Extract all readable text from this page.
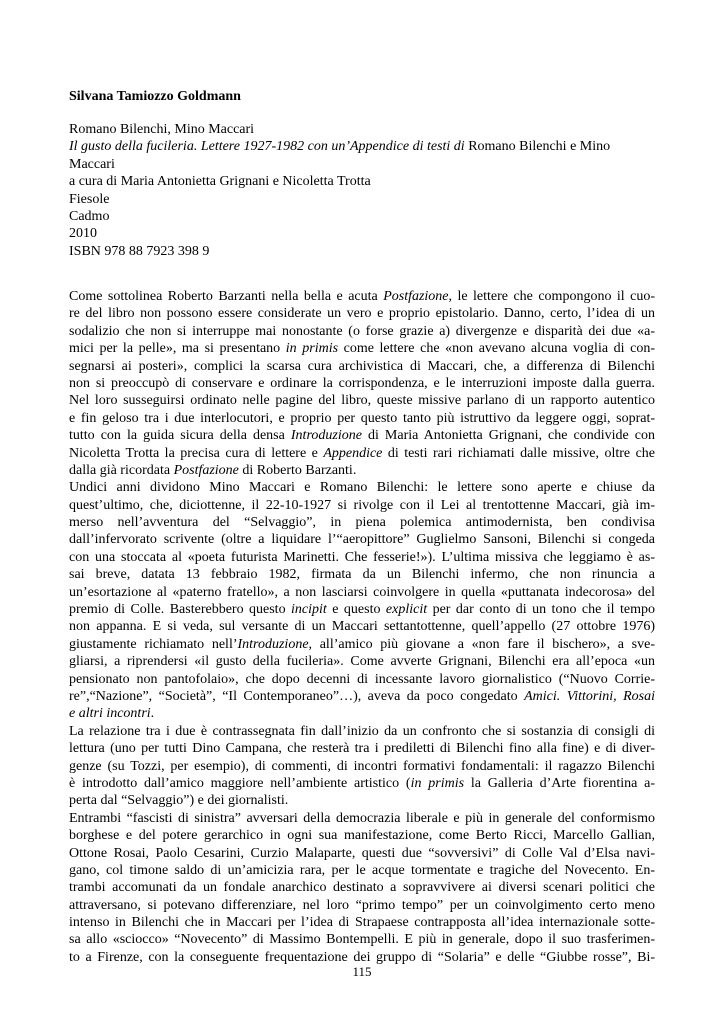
Silvana Tamiozzo Goldmann
Romano Bilenchi, Mino Maccari
Il gusto della fucileria. Lettere 1927-1982 con un’Appendice di testi di Romano Bilenchi e Mino
Maccari
a cura di Maria Antonietta Grignani e Nicoletta Trotta
Fiesole
Cadmo
2010
ISBN 978 88 7923 398 9
Come sottolinea Roberto Barzanti nella bella e acuta Postfazione, le lettere che compongono il cuo-
re del libro non possono essere considerate un vero e proprio epistolario. Danno, certo, l’idea di un
sodalizio che non si interruppe mai nonostante (o forse grazie a) divergenze e disparità dei due «a-
mici per la pelle», ma si presentano in primis come lettere che «non avevano alcuna voglia di con-
segnarsi ai posteri», complici la scarsa cura archivistica di Maccari, che, a differenza di Bilenchi
non si preoccupò di conservare e ordinare la corrispondenza, e le interruzioni imposte dalla guerra.
Nel loro susseguirsi ordinato nelle pagine del libro, queste missive parlano di un rapporto autentico
e fin geloso tra i due interlocutori, e proprio per questo tanto più istruttivo da leggere oggi, soprat-
tutto con la guida sicura della densa Introduzione di Maria Antonietta Grignani, che condivide con
Nicoletta Trotta la precisa cura di lettere e Appendice di testi rari richiamati dalle missive, oltre che
dalla già ricordata Postfazione di Roberto Barzanti.
Undici anni dividono Mino Maccari e Romano Bilenchi: le lettere sono aperte e chiuse da
quest’ultimo, che, diciottenne, il 22-10-1927 si rivolge con il Lei al trentottenne Maccari, già im-
merso nell’avventura del “Selvaggio”, in piena polemica antimodernista, ben condivisa
dall’infervorato scrivente (oltre a liquidare l’“aeropittore” Guglielmo Sansoni, Bilenchi si congeda
con una stoccata al «poeta futurista Marinetti. Che fesserie!»). L’ultima missiva che leggiamo è as-
sai breve, datata 13 febbraio 1982, firmata da un Bilenchi infermo, che non rinuncia a
un’esortazione al «paterno fratello», a non lasciarsi coinvolgere in quella «puttanata indecorosa» del
premio di Colle. Basterebbero questo incipit e questo explicit per dar conto di un tono che il tempo
non appanna. E si veda, sul versante di un Maccari settantottenne, quell’appello (27 ottobre 1976)
giustamente richiamato nell’Introduzione, all’amico più giovane a «non fare il bischero», a sve-
gliarsi, a riprendersi «il gusto della fucileria». Come avverte Grignani, Bilenchi era all’epoca «un
pensionato non pantofolaio», che dopo decenni di incessante lavoro giornalistico (“Nuovo Corrie-
re”,“Nazione”, “Società”, “Il Contemporaneo”…), aveva da poco congedato Amici. Vittorini, Rosai
e altri incontri.
La relazione tra i due è contrassegnata fin dall’inizio da un confronto che si sostanzia di consigli di
lettura (uno per tutti Dino Campana, che resterà tra i prediletti di Bilenchi fino alla fine) e di diver-
genze (su Tozzi, per esempio), di commenti, di incontri formativi fondamentali: il ragazzo Bilenchi
è introdotto dall’amico maggiore nell’ambiente artistico (in primis la Galleria d’Arte fiorentina a-
perta dal “Selvaggio”) e dei giornalisti.
Entrambi “fascisti di sinistra” avversari della democrazia liberale e più in generale del conformismo
borghese e del potere gerarchico in ogni sua manifestazione, come Berto Ricci, Marcello Gallian,
Ottone Rosai, Paolo Cesarini, Curzio Malaparte, questi due “sovversivi” di Colle Val d’Elsa navi-
gano, col timone saldo di un’amicizia rara, per le acque tormentate e tragiche del Novecento. En-
trambi accomunati da un fondale anarchico destinato a sopravvivere ai diversi scenari politici che
attraversano, si potevano differenziare, nel loro “primo tempo” per un coinvolgimento certo meno
intenso in Bilenchi che in Maccari per l’idea di Strapaese contrapposta all’idea internazionale sotte-
sa allo «sciocco» “Novecento” di Massimo Bontempelli. E più in generale, dopo il suo trasferimen-
to a Firenze, con la conseguente frequentazione dei gruppo di “Solaria” e delle “Giubbe rosse”, Bi-
115
